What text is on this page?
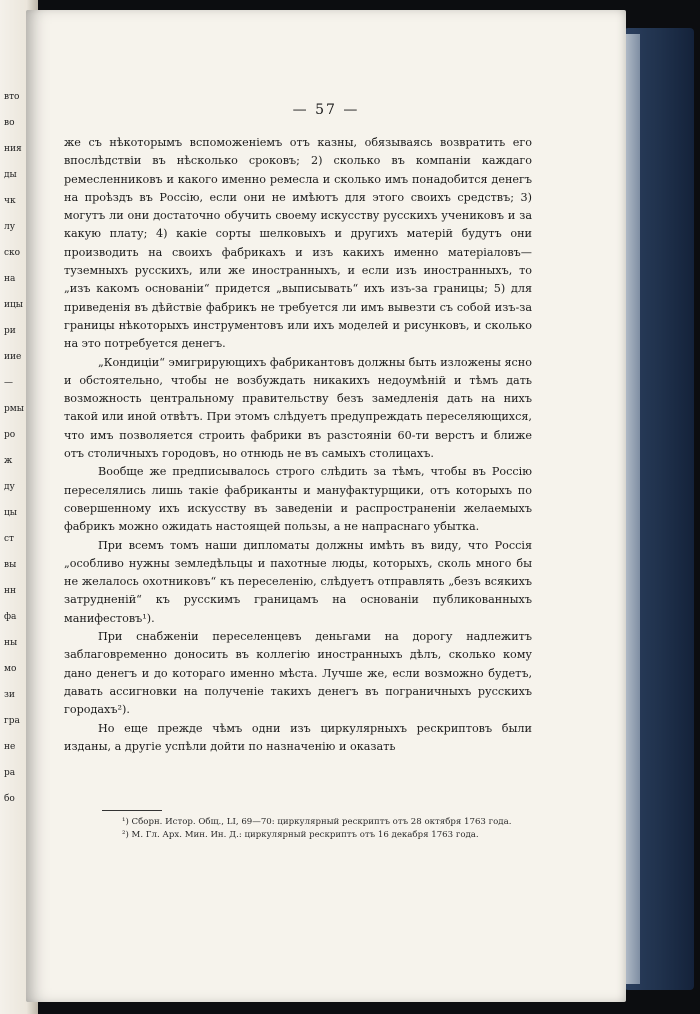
вто
во
ния
ды
чк
лу
ско
на
ицы
ри
иие
—
рмы
ро
ж
ду
цы
ст
вы
нн
фа
ны
мо
зи
гра
не
ра
бо
— 57 —

же съ нѣкоторымъ вспоможеніемъ отъ казны, обязываясь возвратить его впослѣдствіи въ нѣсколько сроковъ; 2) сколько въ компаніи каждаго ремесленниковъ и какого именно ремесла и сколько имъ понадобится денегъ на проѣздъ въ Россію, если они не имѣютъ для этого своихъ средствъ; 3) могутъ ли они достаточно обучить своему искусству русскихъ учениковъ и за какую плату; 4) какіе сорты шелковыхъ и другихъ матерій будутъ они производить на своихъ фабрикахъ и изъ какихъ именно матеріаловъ—туземныхъ русскихъ, или же иностранныхъ, и если изъ иностранныхъ, то „изъ какомъ основаніи“ придется „выписывать“ ихъ изъ-за границы; 5) для приведенія въ дѣйствіе фабрикъ не требуется ли имъ вывезти съ собой изъ-за границы нѣкоторыхъ инструментовъ или ихъ моделей и рисунковъ, и сколько на это потребуется денегъ.

„Кондиціи“ эмигрирующихъ фабрикантовъ должны быть изложены ясно и обстоятельно, чтобы не возбуждать никакихъ недоумѣній и тѣмъ дать возможность центральному правительству безъ замедленія дать на нихъ такой или иной отвѣтъ. При этомъ слѣдуетъ предупреждать переселяющихся, что имъ позволяется строить фабрики въ разстояніи 60-ти верстъ и ближе отъ столичныхъ городовъ, но отнюдь не въ самыхъ столицахъ.

Вообще же предписывалось строго слѣдить за тѣмъ, чтобы въ Россію переселялись лишь такіе фабриканты и мануфактурщики, отъ которыхъ по совершенному ихъ искусству въ заведеніи и распространеніи желаемыхъ фабрикъ можно ожидать настоящей пользы, а не напраснаго убытка.

При всемъ томъ наши дипломаты должны имѣть въ виду, что Россія „особливо нужны земледѣльцы и пахотные люды, которыхъ, сколь много бы не желалось охотниковъ“ къ переселенію, слѣдуетъ отправлять „безъ всякихъ затрудненій“ къ русскимъ границамъ на основаніи публикованныхъ манифестовъ¹).

При снабженіи переселенцевъ деньгами на дорогу надлежитъ заблаговременно доносить въ коллегію иностранныхъ дѣлъ, сколько кому дано денегъ и до котораго именно мѣста. Лучше же, если возможно будетъ, давать ассигновки на полученіе такихъ денегъ въ пограничныхъ русскихъ городахъ²).

Но еще прежде чѣмъ одни изъ циркулярныхъ рескриптовъ были изданы, а другіе успѣли дойти по назначенію и оказать

¹) Сборн. Истор. Общ., LI, 69—70: циркулярный рескриптъ отъ 28 октября 1763 года.

²) М. Гл. Арх. Мин. Ин. Д.: циркулярный рескриптъ отъ 16 декабря 1763 года.
